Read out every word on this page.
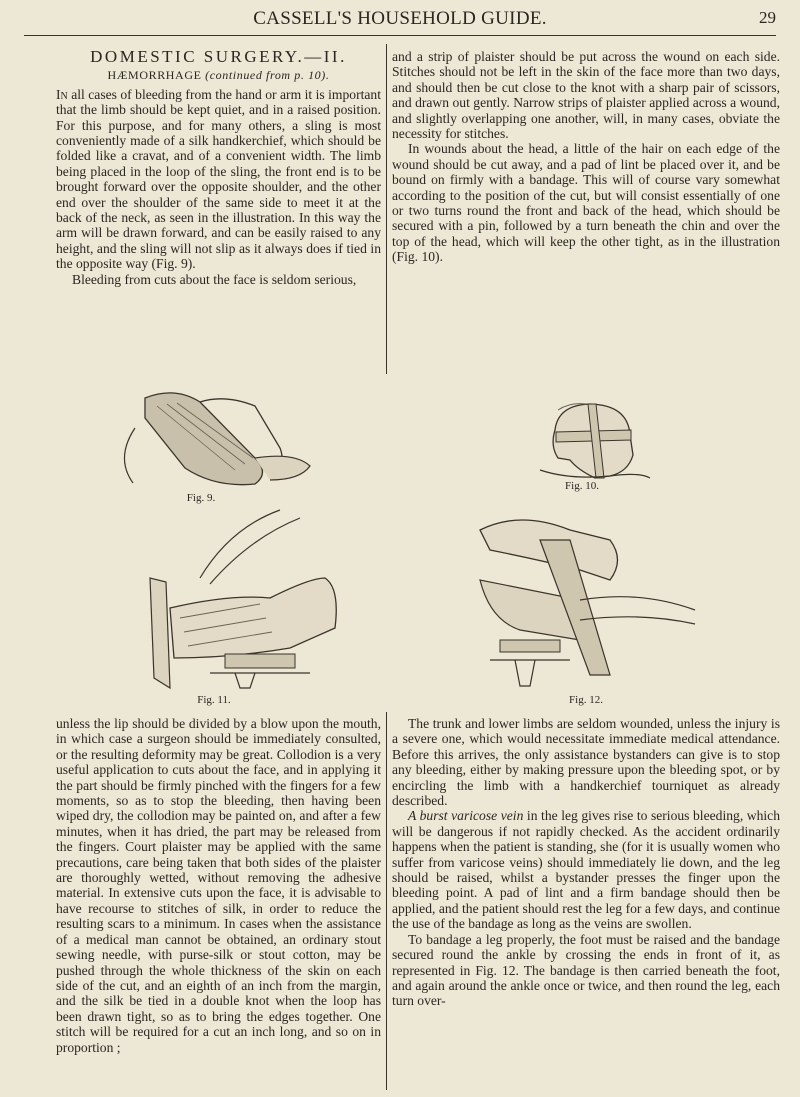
CASSELL'S HOUSEHOLD GUIDE.	29
DOMESTIC SURGERY.—II.
HÆMORRHAGE (continued from p. 10).

In all cases of bleeding from the hand or arm it is important that the limb should be kept quiet, and in a raised position. For this purpose, and for many others, a sling is most conveniently made of a silk handkerchief, which should be folded like a cravat, and of a convenient width. The limb being placed in the loop of the sling, the front end is to be brought forward over the opposite shoulder, and the other end over the shoulder of the same side to meet it at the back of the neck, as seen in the illustration. In this way the arm will be drawn forward, and can be easily raised to any height, and the sling will not slip as it always does if tied in the opposite way (Fig. 9).

Bleeding from cuts about the face is seldom serious,

and a strip of plaister should be put across the wound on each side. Stitches should not be left in the skin of the face more than two days, and should then be cut close to the knot with a sharp pair of scissors, and drawn out gently. Narrow strips of plaister applied across a wound, and slightly overlapping one another, will, in many cases, obviate the necessity for stitches.

In wounds about the head, a little of the hair on each edge of the wound should be cut away, and a pad of lint be placed over it, and be bound on firmly with a bandage. This will of course vary somewhat according to the position of the cut, but will consist essentially of one or two turns round the front and back of the head, which should be secured with a pin, followed by a turn beneath the chin and over the top of the head, which will keep the other tight, as in the illustration (Fig. 10).

Fig. 9.
Fig. 10.
Fig. 11.	Fig. 12.

unless the lip should be divided by a blow upon the mouth, in which case a surgeon should be immediately consulted, or the resulting deformity may be great. Collodion is a very useful application to cuts about the face, and in applying it the part should be firmly pinched with the fingers for a few moments, so as to stop the bleeding, then having been wiped dry, the collodion may be painted on, and after a few minutes, when it has dried, the part may be released from the fingers. Court plaister may be applied with the same precautions, care being taken that both sides of the plaister are thoroughly wetted, without removing the adhesive material. In extensive cuts upon the face, it is advisable to have recourse to stitches of silk, in order to reduce the resulting scars to a minimum. In cases when the assistance of a medical man cannot be obtained, an ordinary stout sewing needle, with purse-silk or stout cotton, may be pushed through the whole thickness of the skin on each side of the cut, and an eighth of an inch from the margin, and the silk be tied in a double knot when the loop has been drawn tight, so as to bring the edges together. One stitch will be required for a cut an inch long, and so on in proportion ;

The trunk and lower limbs are seldom wounded, unless the injury is a severe one, which would necessitate immediate medical attendance. Before this arrives, the only assistance bystanders can give is to stop any bleeding, either by making pressure upon the bleeding spot, or by encircling the limb with a handkerchief tourniquet as already described.

A burst varicose vein in the leg gives rise to serious bleeding, which will be dangerous if not rapidly checked. As the accident ordinarily happens when the patient is standing, she (for it is usually women who suffer from varicose veins) should immediately lie down, and the leg should be raised, whilst a bystander presses the finger upon the bleeding point. A pad of lint and a firm bandage should then be applied, and the patient should rest the leg for a few days, and continue the use of the bandage as long as the veins are swollen.

To bandage a leg properly, the foot must be raised and the bandage secured round the ankle by crossing the ends in front of it, as represented in Fig. 12. The bandage is then carried beneath the foot, and again around the ankle once or twice, and then round the leg, each turn over-
